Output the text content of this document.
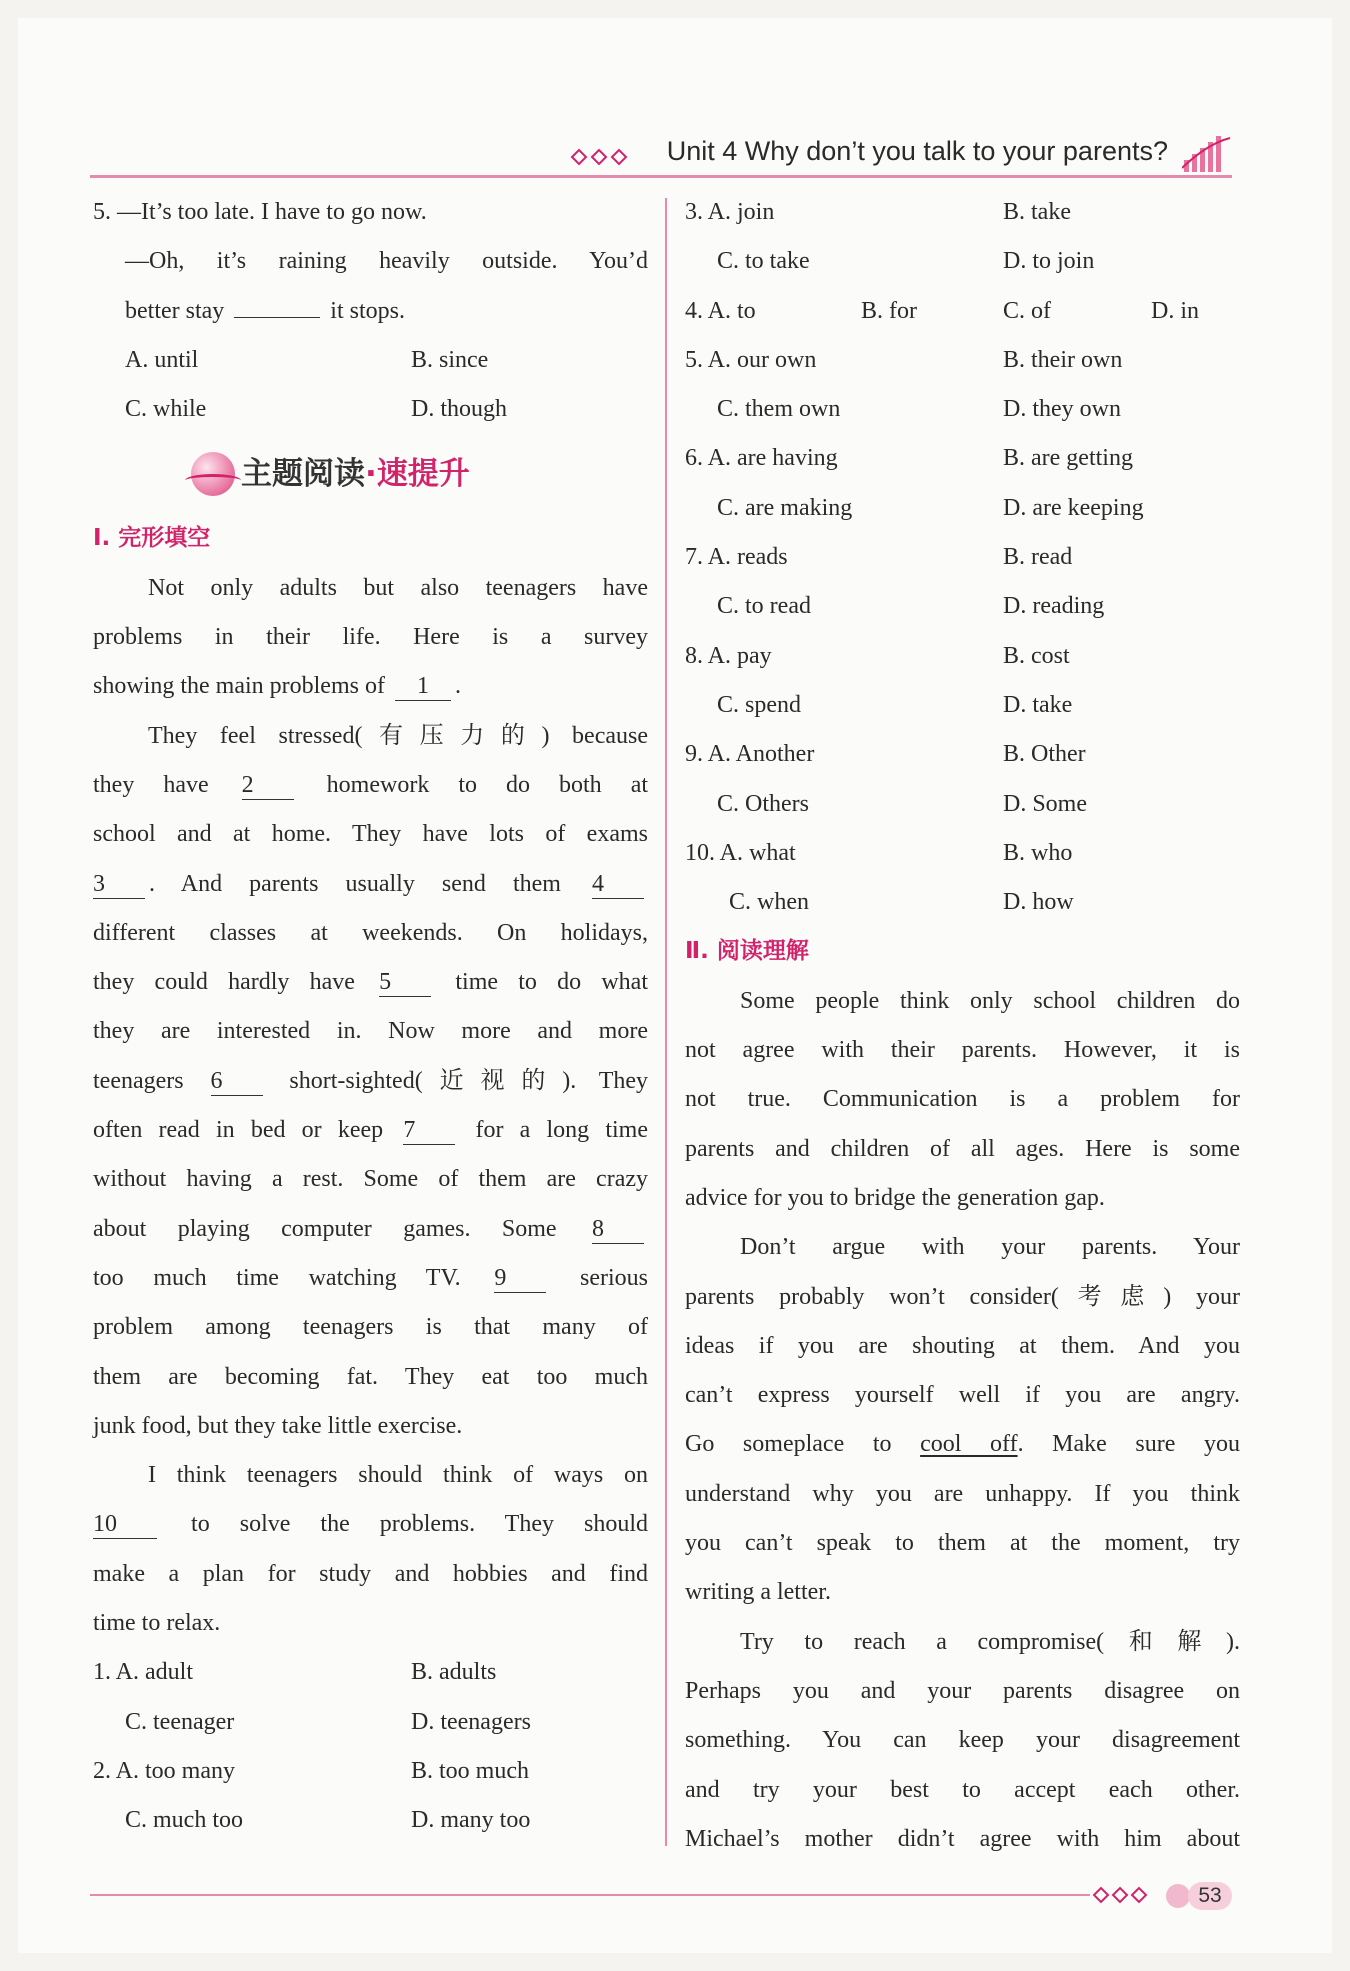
Unit 4 Why don’t you talk to your parents?
5. —It’s too late. I have to go now.
—Oh, it’s raining heavily outside. You’d
better stay	it stops.
A. until	B. since
C. while	D. though
主题阅读·速提升
Ⅰ. 完形填空
Not only adults but also teenagers have
problems in their life. Here is a survey
showing the main problems of 1 .
They feel stressed(有压力的) because
they have 2	homework to do both at
school and at home. They have lots of exams
3 . And parents usually send them 4
different classes at weekends. On holidays,
they could hardly have 5	time to do what
they are interested in. Now more and more
teenagers 6	short-sighted(近视的). They
often read in bed or keep 7	for a long time
without having a rest. Some of them are crazy
about playing computer games. Some 8
too much time watching TV. 9	serious
problem among teenagers is that many of
them are becoming fat. They eat too much
junk food, but they take little exercise.
I think teenagers should think of ways on
10	to solve the problems. They should
make a plan for study and hobbies and find
time to relax.
1. A. adult	B. adults
C. teenager	D. teenagers
2. A. too many	B. too much
C. much too	D. many too
3. A. join	B. take
C. to take	D. to join
4. A. to	B. for	C. of	D. in
5. A. our own	B. their own
C. them own	D. they own
6. A. are having	B. are getting
C. are making	D. are keeping
7. A. reads	B. read
C. to read	D. reading
8. A. pay	B. cost
C. spend	D. take
9. A. Another	B. Other
C. Others	D. Some
10. A. what	B. who
C. when	D. how
Ⅱ. 阅读理解
Some people think only school children do
not agree with their parents. However, it is
not true. Communication is a problem for
parents and children of all ages. Here is some
advice for you to bridge the generation gap.
Don’t argue with your parents. Your
parents probably won’t consider(考虑) your
ideas if you are shouting at them. And you
can’t express yourself well if you are angry.
Go someplace to cool off. Make sure you
understand why you are unhappy. If you think
you can’t speak to them at the moment, try
writing a letter.
Try to reach a compromise(和解).
Perhaps you and your parents disagree on
something. You can keep your disagreement
and try your best to accept each other.
Michael’s mother didn’t agree with him about
53
